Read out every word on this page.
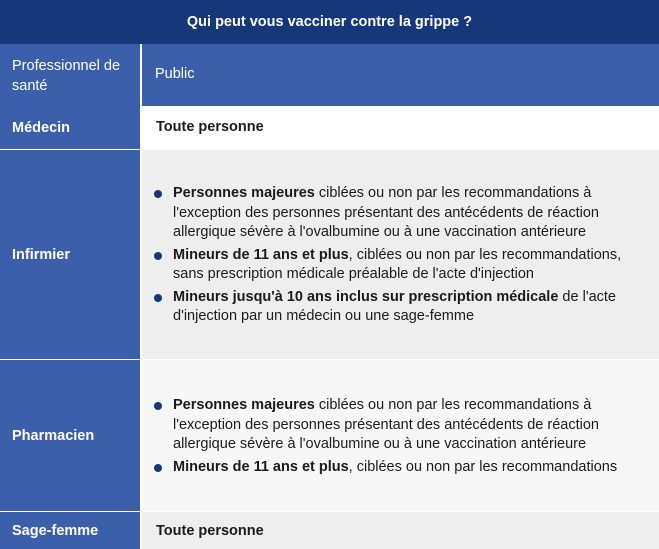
Qui peut vous vacciner contre la grippe ?
Professionnel de santé
Public
Médecin	Toute personne
Infirmier
Personnes majeures ciblées ou non par les recommandations à l'exception des personnes présentant des antécédents de réaction allergique sévère à l'ovalbumine ou à une vaccination antérieure
Mineurs de 11 ans et plus, ciblées ou non par les recommandations, sans prescription médicale préalable de l'acte d'injection
Mineurs jusqu'à 10 ans inclus sur prescription médicale de l'acte d'injection par un médecin ou une sage-femme
Pharmacien
Personnes majeures ciblées ou non par les recommandations à l'exception des personnes présentant des antécédents de réaction allergique sévère à l'ovalbumine ou à une vaccination antérieure
Mineurs de 11 ans et plus, ciblées ou non par les recommandations
Sage-femme	Toute personne
